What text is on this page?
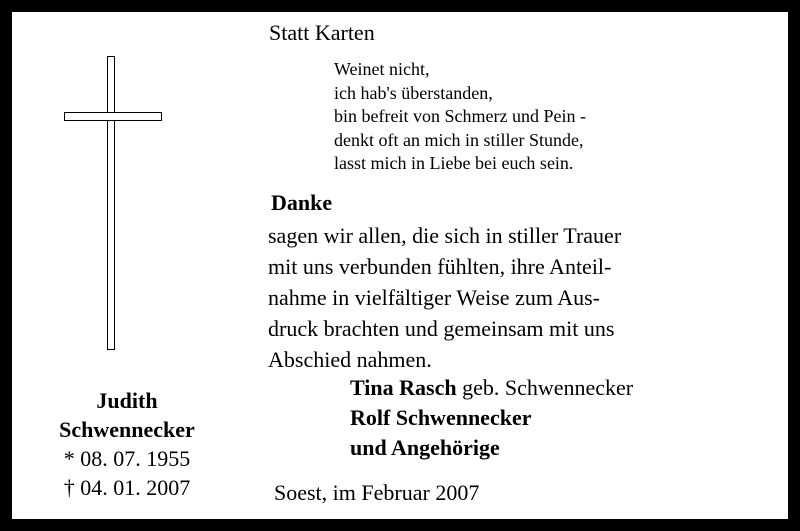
Judith
Schwennecker
* 08. 07. 1955
† 04. 01. 2007
Statt Karten
Weinet nicht,
ich hab's überstanden,
bin befreit von Schmerz und Pein -
denkt oft an mich in stiller Stunde,
lasst mich in Liebe bei euch sein.
Danke
sagen wir allen, die sich in stiller Trauer
mit uns verbunden fühlten, ihre Anteil-
nahme in vielfältiger Weise zum Aus-
druck brachten und gemeinsam mit uns
Abschied nahmen.
Tina Rasch geb. Schwennecker
Rolf Schwennecker
und Angehörige
Soest, im Februar 2007
